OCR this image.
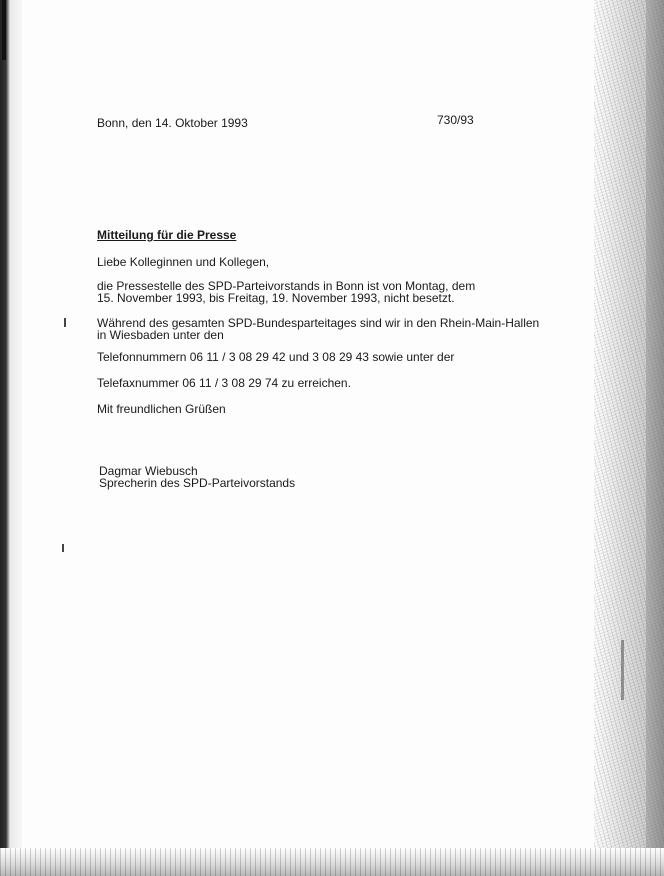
Bonn, den 14. Oktober 1993	730/93
Mitteilung für die Presse
Liebe Kolleginnen und Kollegen,
die Pressestelle des SPD-Parteivorstands in Bonn ist von Montag, dem
15. November 1993, bis Freitag, 19. November 1993, nicht besetzt.
Während des gesamten SPD-Bundesparteitages sind wir in den Rhein-Main-Hallen
in Wiesbaden unter den
Telefonnummern 06 11 / 3 08 29 42 und 3 08 29 43 sowie unter der
Telefaxnummer 06 11 / 3 08 29 74 zu erreichen.
Mit freundlichen Grüßen
Dagmar Wiebusch
Sprecherin des SPD-Parteivorstands
